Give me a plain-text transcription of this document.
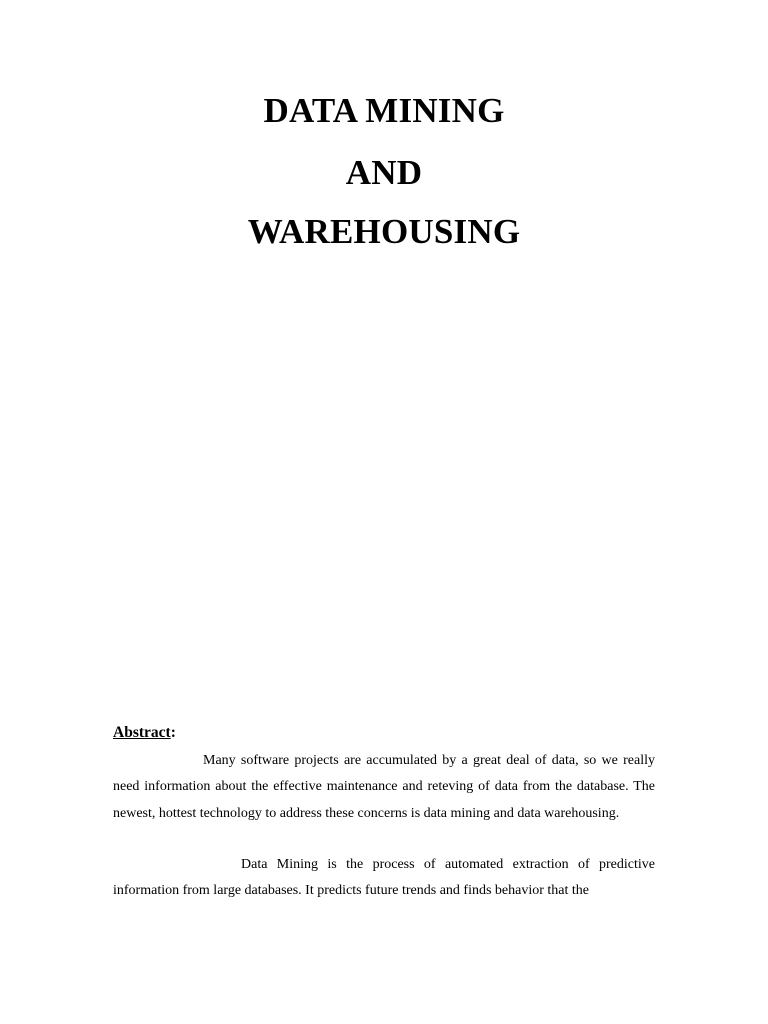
DATA MINING
AND
WAREHOUSING
Abstract:

Many software projects are accumulated by a great deal of data, so we really need information about the effective maintenance and reteving of data from the database. The newest, hottest technology to address these concerns is data mining and data warehousing.

Data Mining is the process of automated extraction of predictive information from large databases. It predicts future trends and finds behavior that the
